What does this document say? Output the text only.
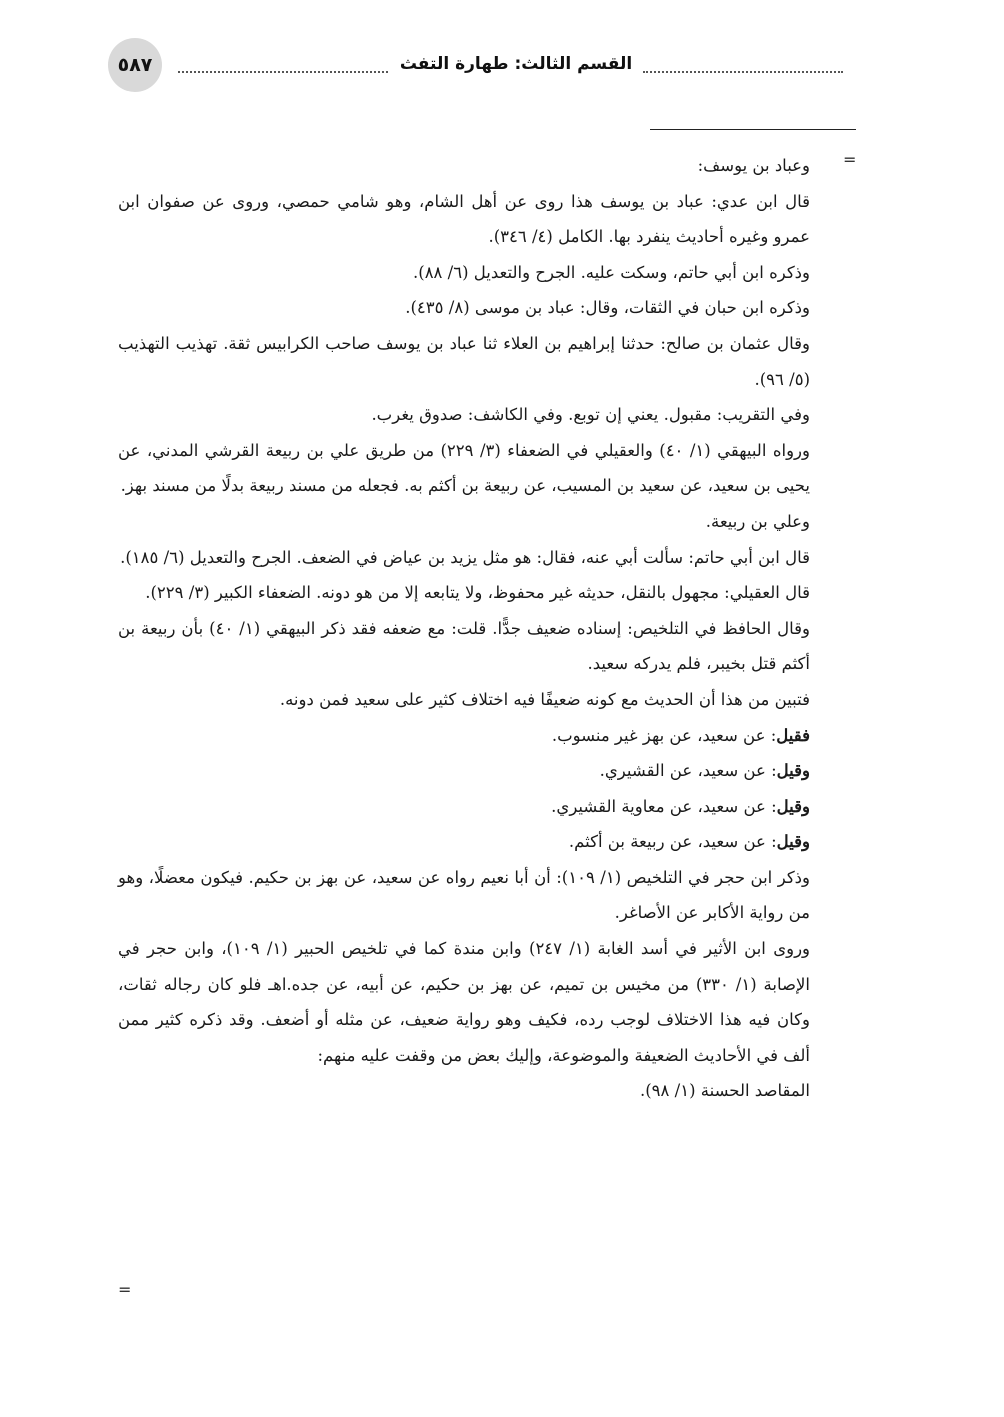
٥٨٧	القسم الثالث: طهارة التفث
=
=

وعباد بن يوسف:

قال ابن عدي: عباد بن يوسف هذا روى عن أهل الشام، وهو شامي حمصي، وروى عن صفوان ابن عمرو وغيره أحاديث ينفرد بها. الكامل (٤/ ٣٤٦).

وذكره ابن أبي حاتم، وسكت عليه. الجرح والتعديل (٦/ ٨٨).

وذكره ابن حبان في الثقات، وقال: عباد بن موسى (٨/ ٤٣٥).

وقال عثمان بن صالح: حدثنا إبراهيم بن العلاء ثنا عباد بن يوسف صاحب الكرابيس ثقة. تهذيب التهذيب (٥/ ٩٦).

وفي التقريب: مقبول. يعني إن توبع. وفي الكاشف: صدوق يغرب.

ورواه البيهقي (١/ ٤٠) والعقيلي في الضعفاء (٣/ ٢٢٩) من طريق علي بن ربيعة القرشي المدني، عن يحيى بن سعيد، عن سعيد بن المسيب، عن ربيعة بن أكثم به. فجعله من مسند ربيعة بدلًا من مسند بهز.

وعلي بن ربيعة.

قال ابن أبي حاتم: سألت أبي عنه، فقال: هو مثل يزيد بن عياض في الضعف. الجرح والتعديل (٦/ ١٨٥).

قال العقيلي: مجهول بالنقل، حديثه غير محفوظ، ولا يتابعه إلا من هو دونه. الضعفاء الكبير (٣/ ٢٢٩).

وقال الحافظ في التلخيص: إسناده ضعيف جدًّا. قلت: مع ضعفه فقد ذكر البيهقي (١/ ٤٠) بأن ربيعة بن أكثم قتل بخيبر، فلم يدركه سعيد.

فتبين من هذا أن الحديث مع كونه ضعيفًا فيه اختلاف كثير على سعيد فمن دونه.

فقيل: عن سعيد، عن بهز غير منسوب.

وقيل: عن سعيد، عن القشيري.

وقيل: عن سعيد، عن معاوية القشيري.

وقيل: عن سعيد، عن ربيعة بن أكثم.

وذكر ابن حجر في التلخيص (١/ ١٠٩): أن أبا نعيم رواه عن سعيد، عن بهز بن حكيم. فيكون معضلًا، وهو من رواية الأكابر عن الأصاغر.

وروى ابن الأثير في أسد الغابة (١/ ٢٤٧) وابن مندة كما في تلخيص الحبير (١/ ١٠٩)، وابن حجر في الإصابة (١/ ٣٣٠) من مخيس بن تميم، عن بهز بن حكيم، عن أبيه، عن جده.اهـ فلو كان رجاله ثقات، وكان فيه هذا الاختلاف لوجب رده، فكيف وهو رواية ضعيف، عن مثله أو أضعف. وقد ذكره كثير ممن ألف في الأحاديث الضعيفة والموضوعة، وإليك بعض من وقفت عليه منهم:

المقاصد الحسنة (١/ ٩٨).
